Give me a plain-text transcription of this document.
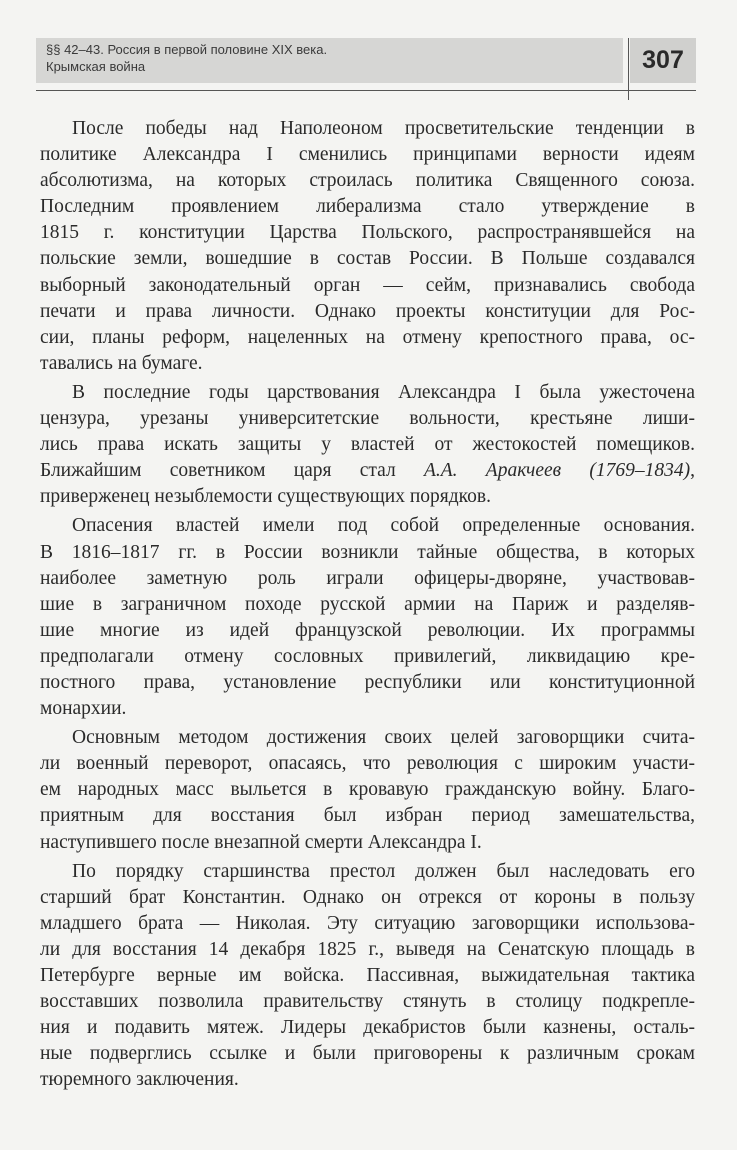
§§ 42–43. Россия в первой половине XIX века.
Крымская война	307
После победы над Наполеоном просветительские тенденции в
политике Александра I сменились принципами верности идеям
абсолютизма, на которых строилась политика Священного союза.
Последним проявлением либерализма стало утверждение в
1815 г. конституции Царства Польского, распространявшейся на
польские земли, вошедшие в состав России. В Польше создавался
выборный законодательный орган — сейм, признавались свобода
печати и права личности. Однако проекты конституции для Рос-
сии, планы реформ, нацеленных на отмену крепостного права, ос-
тавались на бумаге.
В последние годы царствования Александра I была ужесточена
цензура, урезаны университетские вольности, крестьяне лиши-
лись права искать защиты у властей от жестокостей помещиков.
Ближайшим советником царя стал А.А. Аракчеев (1769–1834),
приверженец незыблемости существующих порядков.
Опасения властей имели под собой определенные основания.
В 1816–1817 гг. в России возникли тайные общества, в которых
наиболее заметную роль играли офицеры-дворяне, участвовав-
шие в заграничном походе русской армии на Париж и разделяв-
шие многие из идей французской революции. Их программы
предполагали отмену сословных привилегий, ликвидацию кре-
постного права, установление республики или конституционной
монархии.
Основным методом достижения своих целей заговорщики счита-
ли военный переворот, опасаясь, что революция с широким участи-
ем народных масс выльется в кровавую гражданскую войну. Благо-
приятным для восстания был избран период замешательства,
наступившего после внезапной смерти Александра I.
По порядку старшинства престол должен был наследовать его
старший брат Константин. Однако он отрекся от короны в пользу
младшего брата — Николая. Эту ситуацию заговорщики использова-
ли для восстания 14 декабря 1825 г., выведя на Сенатскую площадь в
Петербурге верные им войска. Пассивная, выжидательная тактика
восставших позволила правительству стянуть в столицу подкрепле-
ния и подавить мятеж. Лидеры декабристов были казнены, осталь-
ные подверглись ссылке и были приговорены к различным срокам
тюремного заключения.
